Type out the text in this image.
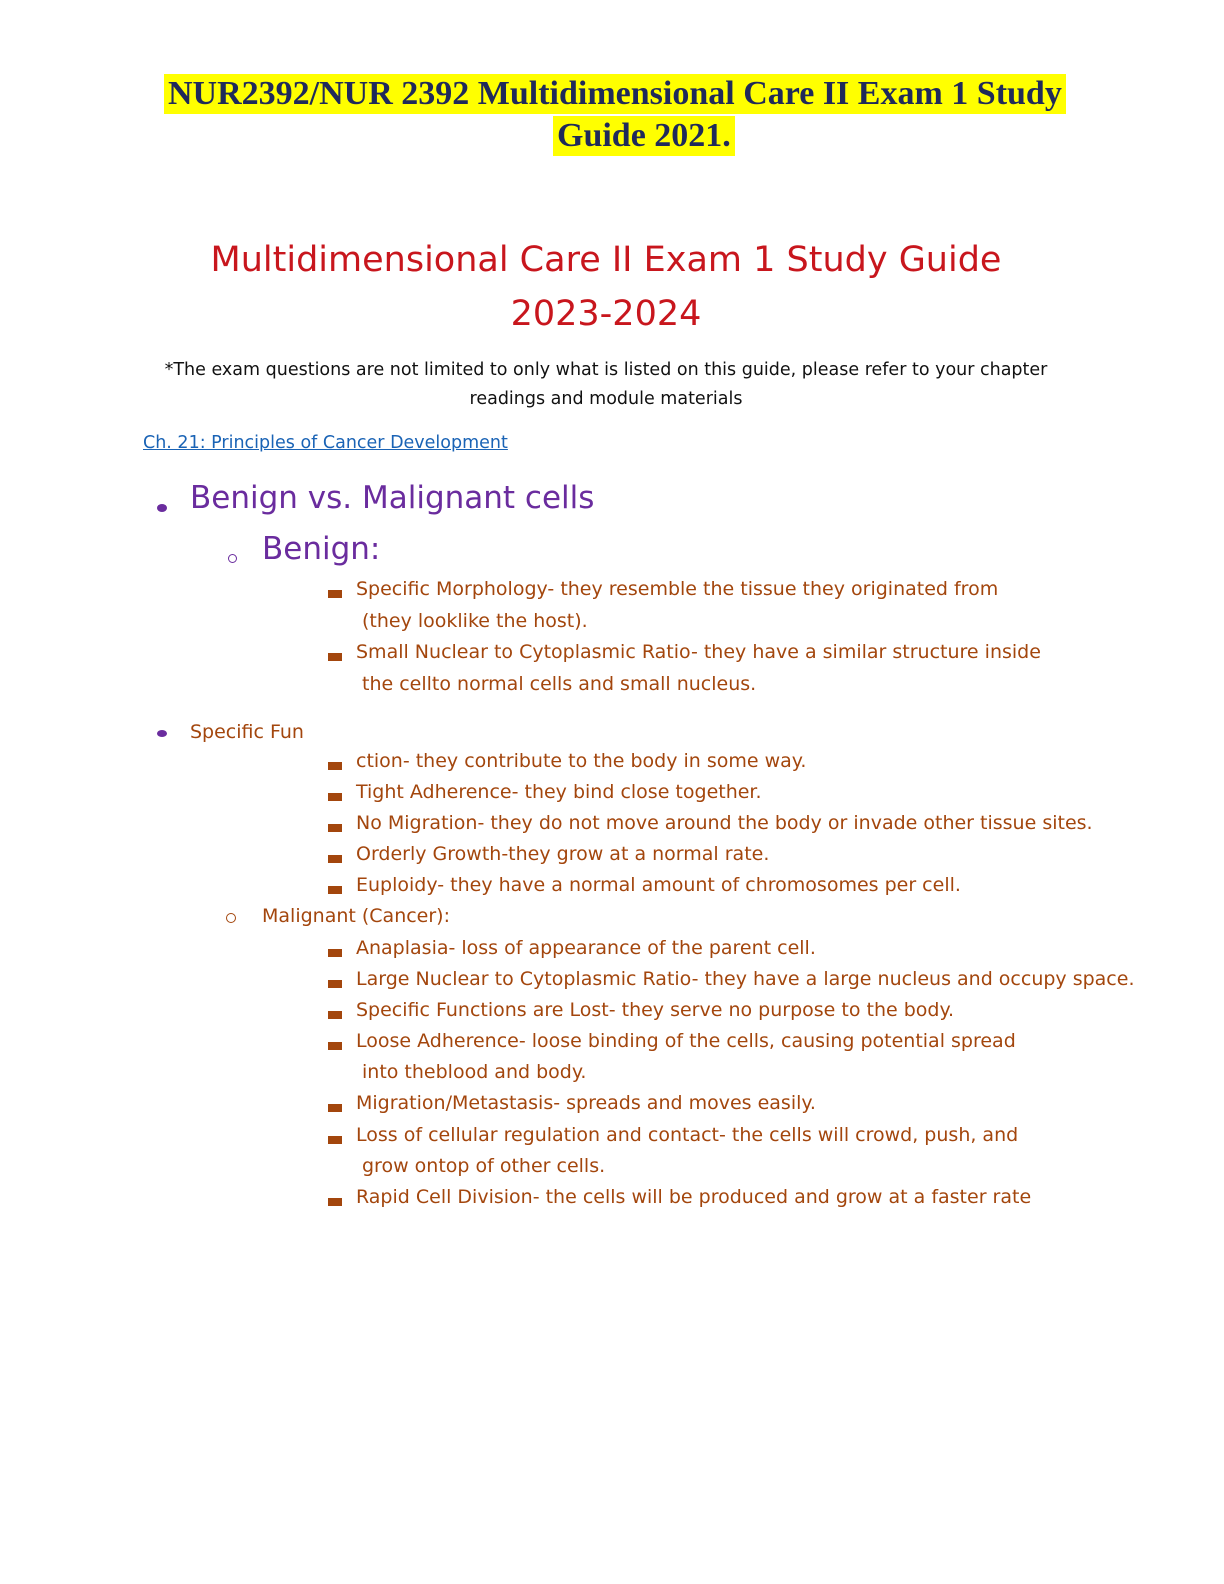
NUR2392/NUR 2392 Multidimensional Care II Exam 1 Study
Guide 2021.
Multidimensional Care II Exam 1 Study Guide
2023-2024
*The exam questions are not limited to only what is listed on this guide, please refer to your chapter
readings and module materials
Ch. 21: Principles of Cancer Development
Benign vs. Malignant cells
Benign:
Specific Morphology- they resemble the tissue they originated from
(they looklike the host).
Small Nuclear to Cytoplasmic Ratio- they have a similar structure inside
the cellto normal cells and small nucleus.
Specific Fun
ction- they contribute to the body in some way.
Tight Adherence- they bind close together.
No Migration- they do not move around the body or invade other tissue sites.
Orderly Growth-they grow at a normal rate.
Euploidy- they have a normal amount of chromosomes per cell.
Malignant (Cancer):
Anaplasia- loss of appearance of the parent cell.
Large Nuclear to Cytoplasmic Ratio- they have a large nucleus and occupy space.
Specific Functions are Lost- they serve no purpose to the body.
Loose Adherence- loose binding of the cells, causing potential spread
into theblood and body.
Migration/Metastasis- spreads and moves easily.
Loss of cellular regulation and contact- the cells will crowd, push, and
grow ontop of other cells.
Rapid Cell Division- the cells will be produced and grow at a faster rate
